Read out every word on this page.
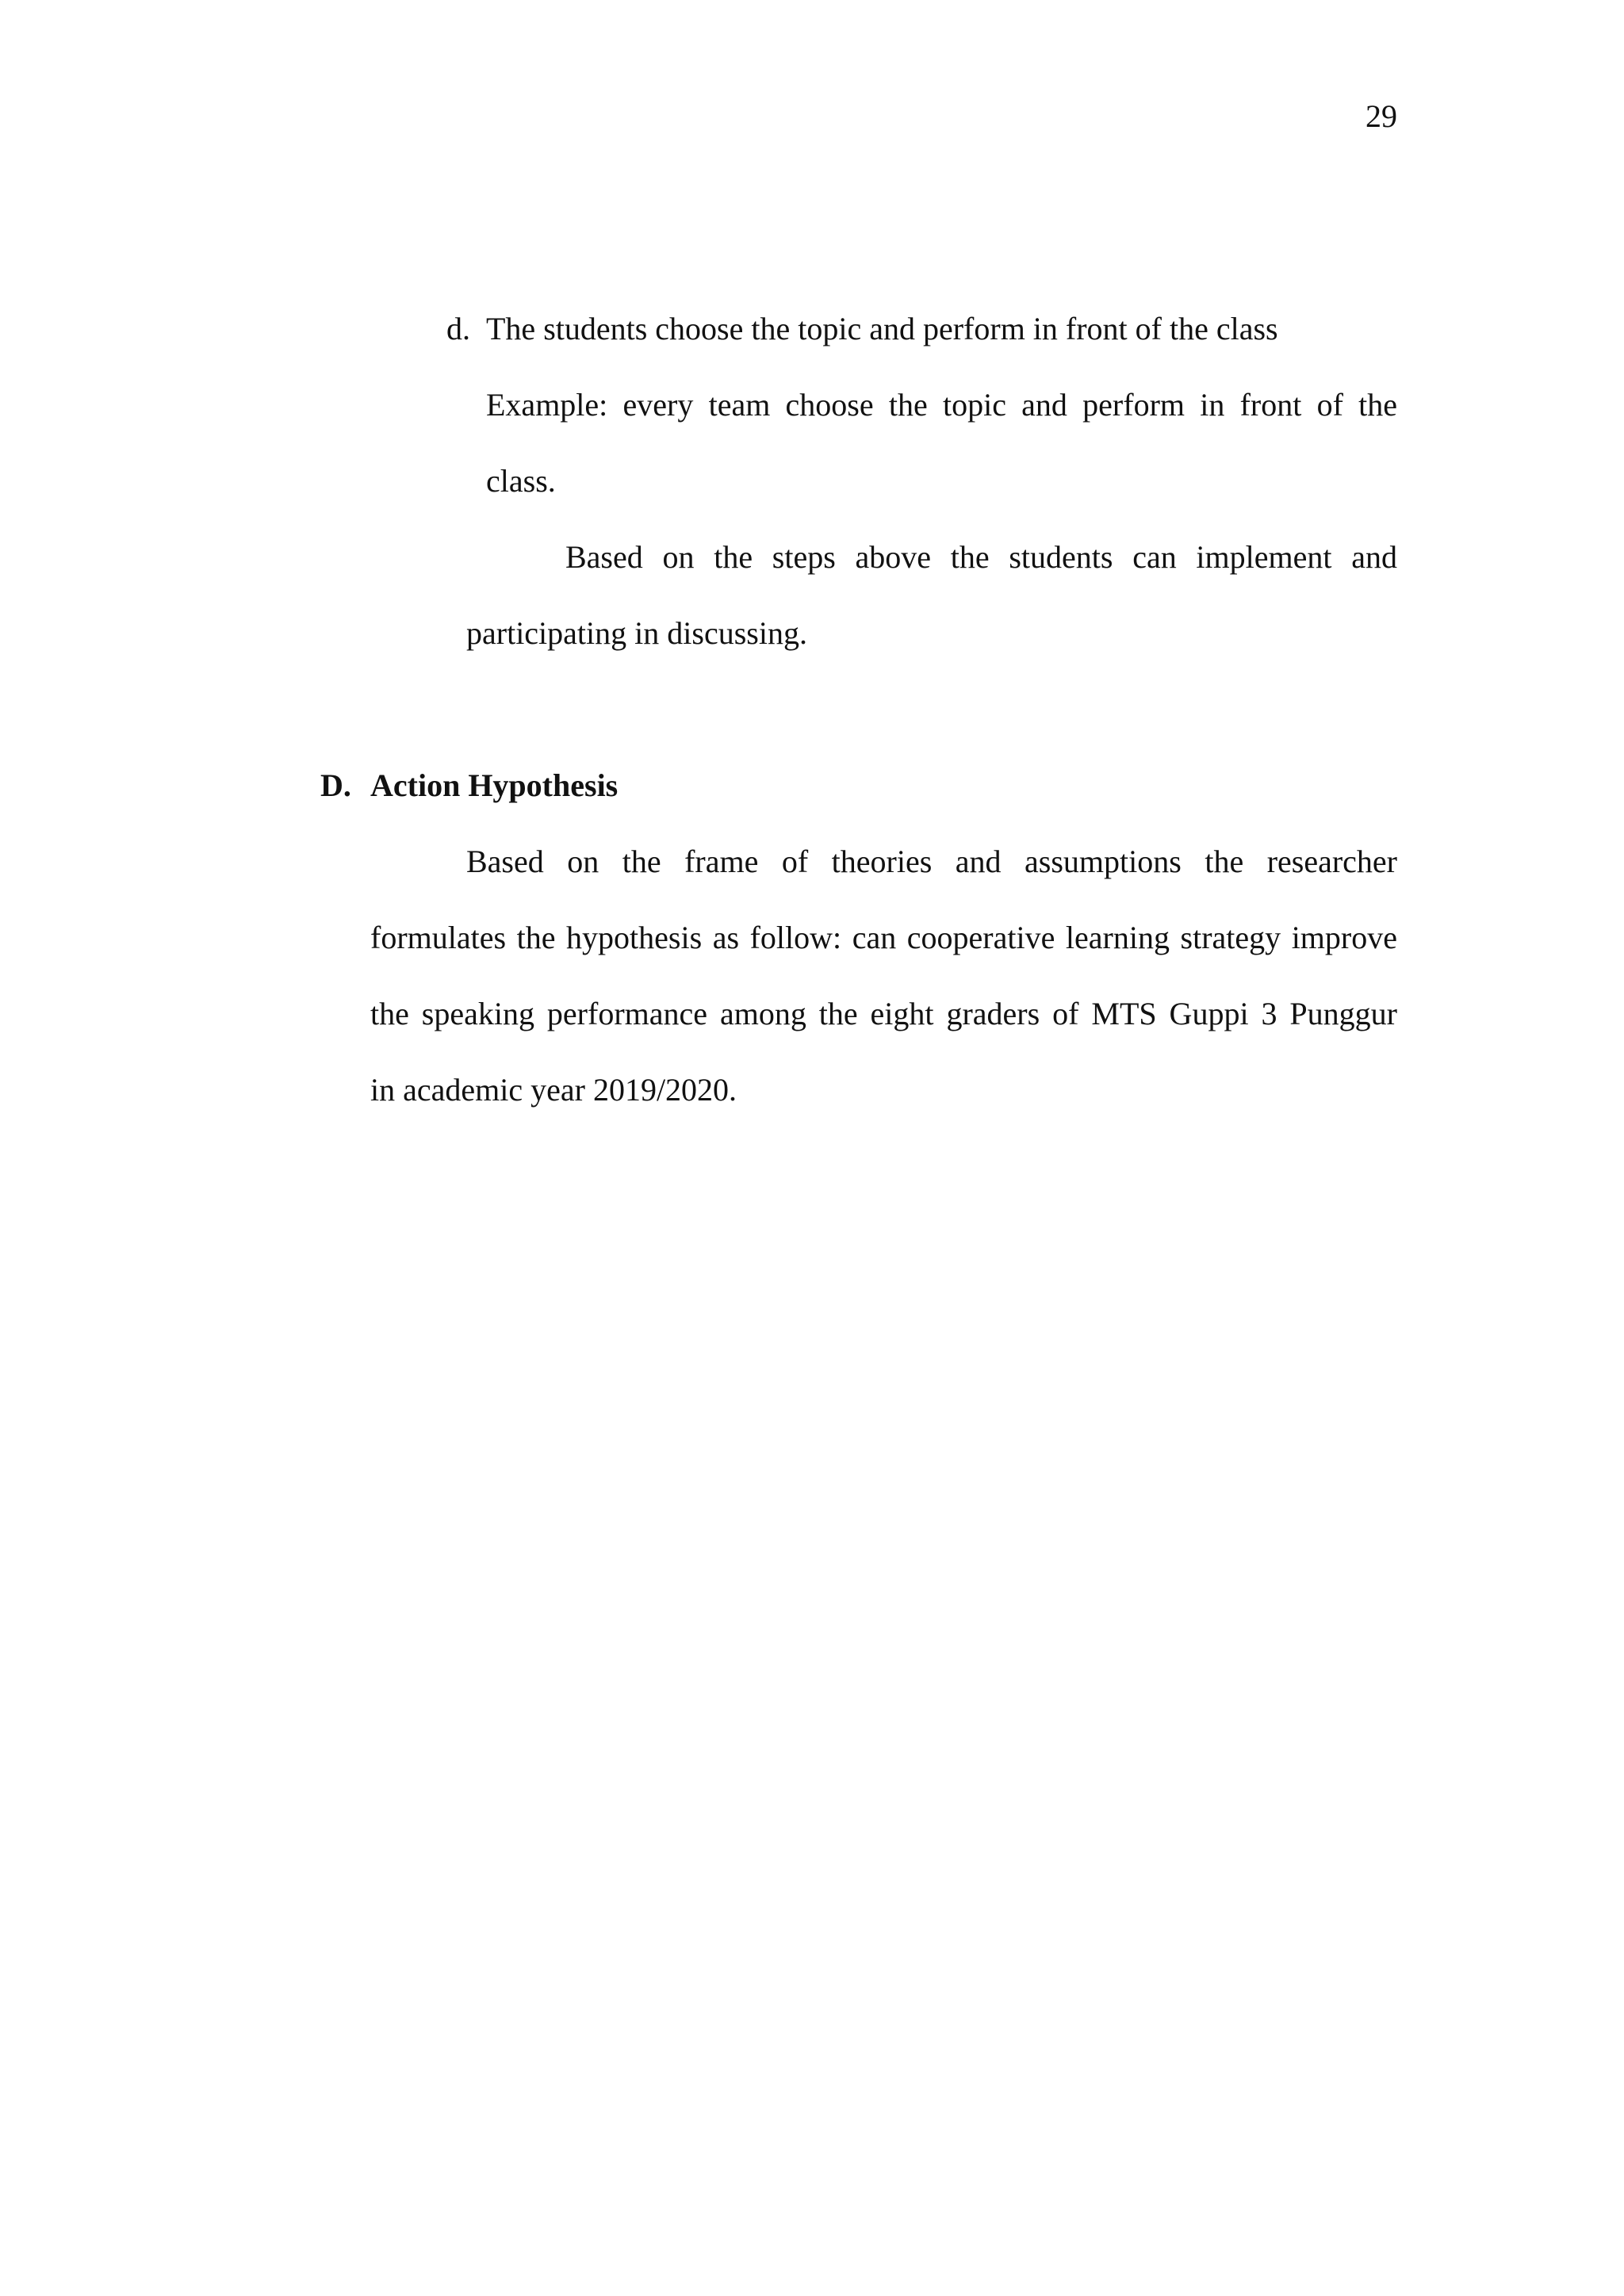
29
d. The students choose the topic and perform in front of the class
Example: every team choose the topic and perform in front of the
class.
Based on the steps above the students can implement and
participating in discussing.
D. Action Hypothesis
Based on the frame of theories and assumptions the researcher
formulates the hypothesis as follow: can cooperative learning strategy improve
the speaking performance among the eight graders of MTS Guppi 3 Punggur
in academic year 2019/2020.
